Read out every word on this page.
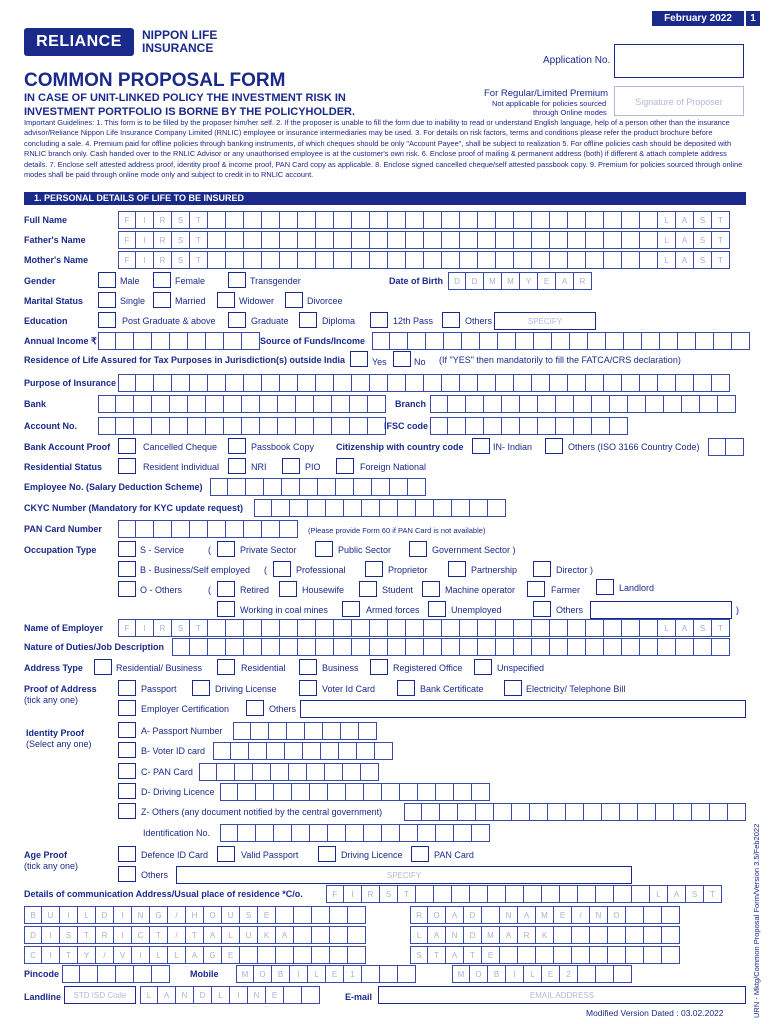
February 2022	1
RELIANCE	NIPPON LIFE
INSURANCE
Application No.
COMMON PROPOSAL FORM
IN CASE OF UNIT-LINKED POLICY THE INVESTMENT RISK IN
INVESTMENT PORTFOLIO IS BORNE BY THE POLICYHOLDER.
For Regular/Limited Premium
Not applicable for policies sourced
through Online modes
Signature of Proposer
Important Guidelines: 1. This form is to be filled by the proposer him/her self. 2. If the proposer is unable to fill the form due to inability to read or understand English language, help of a person other than the insurance advisor/Reliance Nippon Life Insurance Company Limited (RNLIC) employee or insurance intermediaries may be used. 3. For details on risk factors, terms and conditions please refer the product brochure before concluding a sale. 4. Premium paid for offline policies through banking instruments, of which cheques should be only "Account Payee", shall be subject to realization 5. For offline policies cash should be deposited with RNLIC branch only. Cash handed over to the RNLIC Advisor or any unauthorised employee is at the customer's own risk. 6. Enclose proof of mailing & permanent address (both) if different & attach complete address details. 7. Enclose self attested address proof, identity proof & income proof, PAN Card copy as applicable. 8. Enclose signed cancelled cheque/self attested passbook copy. 9. Premium for policies sourced through online modes shall be paid through online mode only and subject to credit in to RNLIC account.
1. PERSONAL DETAILS OF LIFE TO BE INSURED
Full Name	F	I	R	S	T	L	A	S	T
Father's Name	F	I	R	S	T	L	A	S	T
Mother's Name	F	I	R	S	T	L	A	S	T
Gender	Male	Female	Transgender	Date of Birth	D	D	M	M	Y	E	A	R
Marital Status	Single	Married	Widower	Divorcee
Education	Post Graduate & above	Graduate	Diploma	12th Pass	Others	SPECIFY
Annual Income ₹	Source of Funds/Income
Residence of Life Assured for Tax Purposes in Jurisdiction(s) outside India	Yes	No (If "YES" then mandatorily to fill the FATCA/CRS declaration)
Purpose of Insurance
Bank	Branch
Account No.	IFSC code
Bank Account Proof	Cancelled Cheque	Passbook Copy Citizenship with country code	IN- Indian	Others (ISO 3166 Country Code)
Residential Status	Resident Individual	NRI	PIO	Foreign National
Employee No. (Salary Deduction Scheme)
CKYC Number (Mandatory for KYC update request)
PAN Card Number	(Please provide Form 60 if PAN Card is not available)
Occupation Type	S - Service	(	Private Sector	Public Sector	Government Sector )
B - Business/Self employed (	Professional	Proprietor	Partnership	Director )
O - Others	(	Retired	Housewife	Student	Machine operator	Farmer	Landlord
Working in coal mines	Armed forces	Unemployed	Others	)
Name of Employer	F	I	R	S	T	L	A	S	T
Nature of Duties/Job Description
Address Type	Residential/ Business	Residential	Business	Registered Office	Unspecified
Proof of Address
(tick any one)
Passport	Driving License	Voter Id Card	Bank Certificate	Electricity/ Telephone Bill
Employer Certification	Others
Identity Proof
(Select any one)
A- Passport Number
B- Voter ID card
C- PAN Card
D- Driving Licence
Z- Others (any document notified by the central government)
Identification No.
Age Proof
(tick any one)
Defence ID Card	Valid Passport	Driving Licence	PAN Card
Others	SPECIFY
Details of communication Address/Usual place of residence *C/o.	F	I	R	S	T	L	A	S	T
B	U	I	L	D	I	N	G	/	H	O	U	S	E	R	O	A	D	N	A	M	E	/	N	O
D	I	S	T	R	I	C	T	/	T	A	L	U	K	A	L	A	N	D	M	A	R	K
C	I	T	Y	/	V	I	L	L	A	G	E	S	T	A	T	E
Pincode	Mobile	M	O	B	I	L	E	1	M	O	B	I	L	E	2
Landline	STD ISD Code	L	A	N	D	L	I	N	E	E-mail	EMAIL ADDRESS
Modified Version Dated : 03.02.2022	URN - Mktg/Common Proposal Form/Version 3.5/Feb2022
